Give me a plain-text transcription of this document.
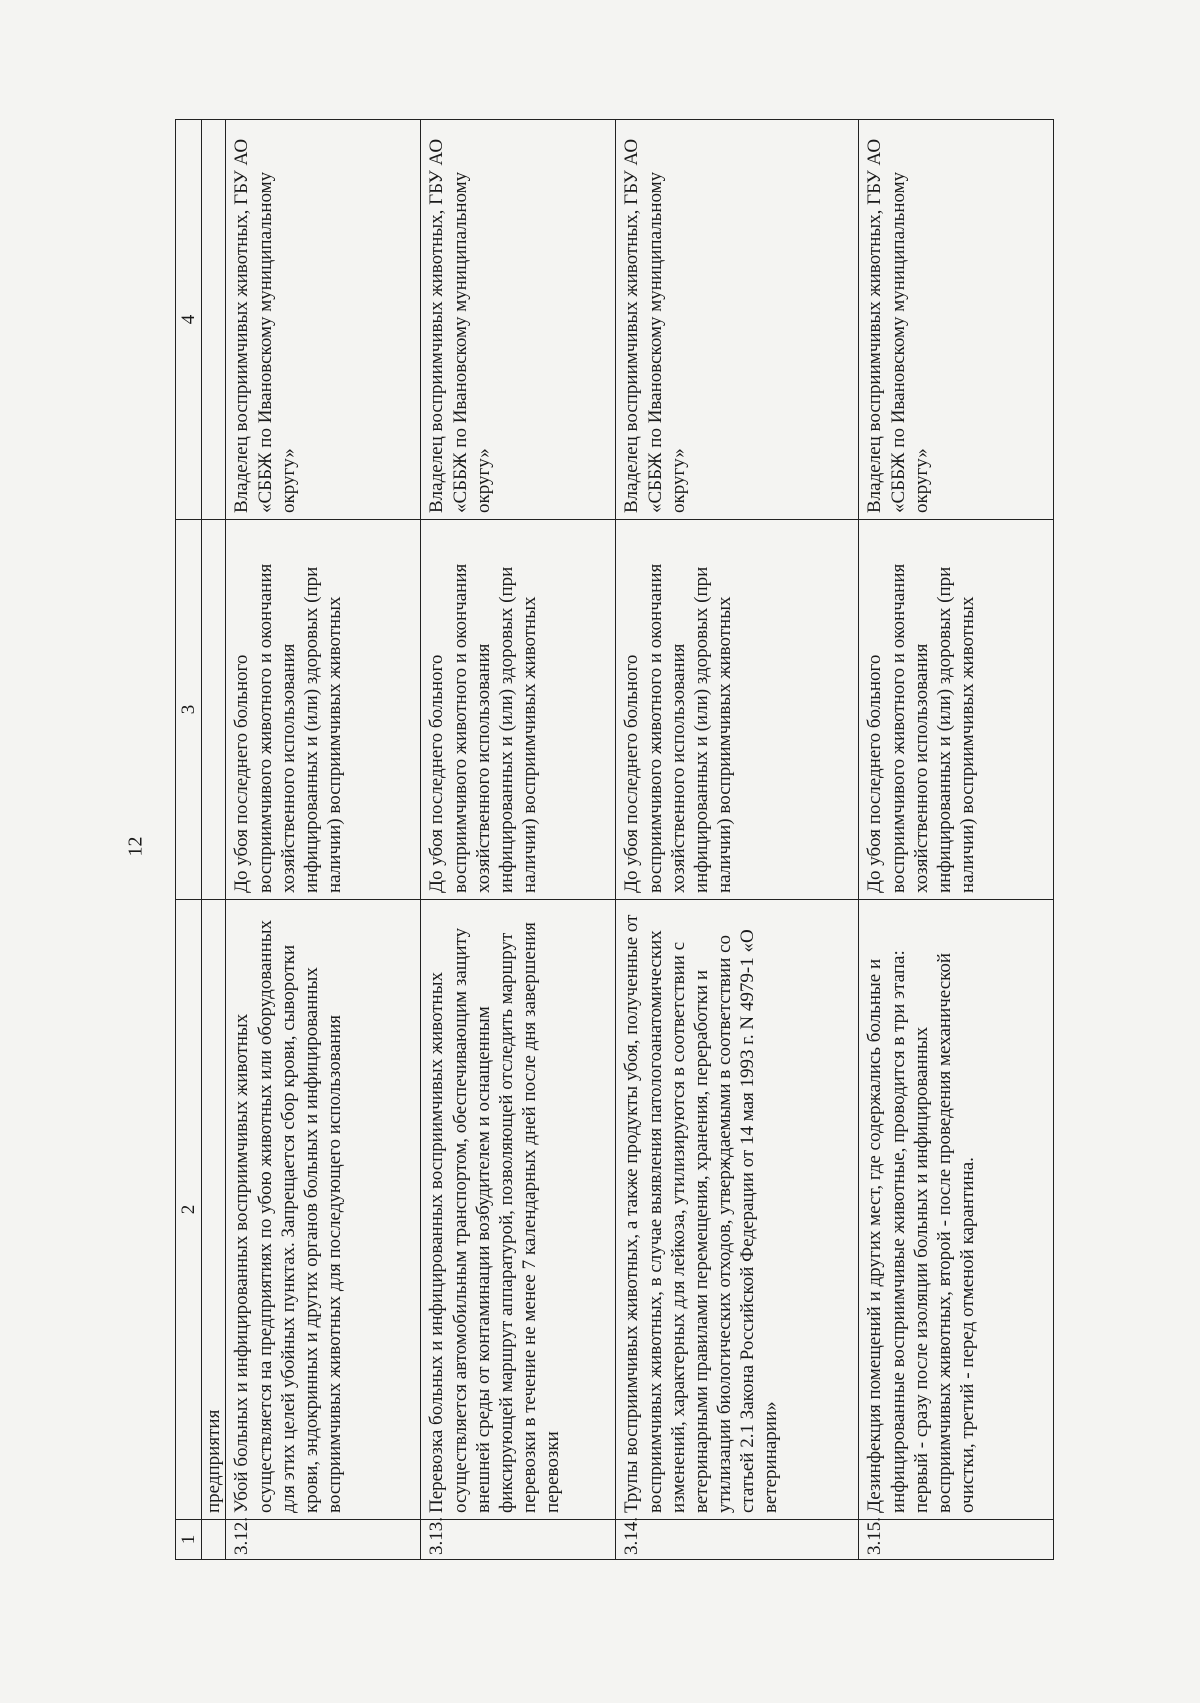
12
1	2	3	4
	предприятия		
3.12.	Убой больных и инфицированных восприимчивых животных осуществляется на предприятиях по убою животных или оборудованных для этих целей убойных пунктах. Запрещается сбор крови, сыворотки крови, эндокринных и других органов больных и инфицированных восприимчивых животных для последующего использования	До убоя последнего больного восприимчивого животного и окончания хозяйственного использования инфицированных и (или) здоровых (при наличии) восприимчивых животных	Владелец восприимчивых животных, ГБУ АО «СББЖ по Ивановскому муниципальному округу»
3.13.	Перевозка больных и инфицированных восприимчивых животных осуществляется автомобильным транспортом, обеспечивающим защиту внешней среды от контаминации возбудителем и оснащенным фиксирующей маршрут аппаратурой, позволяющей отследить маршрут перевозки в течение не менее 7 календарных дней после дня завершения перевозки	До убоя последнего больного восприимчивого животного и окончания хозяйственного использования инфицированных и (или) здоровых (при наличии) восприимчивых животных	Владелец восприимчивых животных, ГБУ АО «СББЖ по Ивановскому муниципальному округу»
3.14.	Трупы восприимчивых животных, а также продукты убоя, полученные от восприимчивых животных, в случае выявления патологоанатомических изменений, характерных для лейкоза, утилизируются в соответствии с ветеринарными правилами перемещения, хранения, переработки и утилизации биологических отходов, утверждаемыми в соответствии со статьей 2.1 Закона Российской Федерации от 14 мая 1993 г. N 4979-1 «О ветеринарии»	До убоя последнего больного восприимчивого животного и окончания хозяйственного использования инфицированных и (или) здоровых (при наличии) восприимчивых животных	Владелец восприимчивых животных, ГБУ АО «СББЖ по Ивановскому муниципальному округу»
3.15.	Дезинфекция помещений и других мест, где содержались больные и инфицированные восприимчивые животные, проводится в три этапа: первый - сразу после изоляции больных и инфицированных восприимчивых животных, второй - после проведения механической очистки, третий - перед отменой карантина.	До убоя последнего больного восприимчивого животного и окончания хозяйственного использования инфицированных и (или) здоровых (при наличии) восприимчивых животных	Владелец восприимчивых животных, ГБУ АО «СББЖ по Ивановскому муниципальному округу»
